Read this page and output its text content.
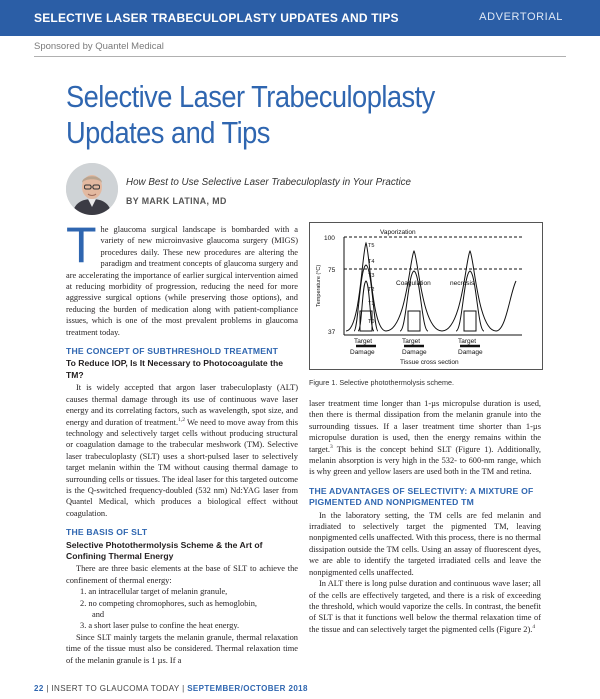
SELECTIVE LASER TRABECULOPLASTY UPDATES AND TIPS	ADVERTORIAL
Sponsored by Quantel Medical
Selective Laser Trabeculoplasty
Updates and Tips
How Best to Use Selective Laser Trabeculoplasty in Your Practice
BY MARK LATINA, MD

The glaucoma surgical landscape is bombarded with a variety of new microinvasive glaucoma surgery (MIGS) procedures daily. These new procedures are altering the paradigm and treatment concepts of glaucoma surgery and are accelerating the importance of earlier surgical intervention aimed at reducing morbidity of progression, reducing the need for more aggressive surgical options (while preserving those options), and reducing the burden of medication along with patient-compliance issues, which is one of the most prevalent problems in glaucoma treatment today.

THE CONCEPT OF SUBTHRESHOLD TREATMENT
To Reduce IOP, Is It Necessary to Photocoagulate the TM?

It is widely accepted that argon laser trabeculoplasty (ALT) causes thermal damage through its use of continuous wave laser energy and its correlating factors, such as wavelength, spot size, and energy and duration of treatment.$^{1,2}$ We need to move away from this technology and selectively target cells without producing structural or coagulation damage to the trabecular meshwork (TM). Selective laser trabeculoplasty (SLT) uses a short-pulsed laser to selectively target melanin within the TM without causing thermal damage to surrounding cells or tissues. The ideal laser for this targeted outcome is the Q-switched frequency-doubled (532 nm) Nd:YAG laser from Quantel Medical, which produces a biological effect without coagulation.

THE BASIS OF SLT
Selective Photothermolysis Scheme & the Art of Confining Thermal Energy

There are three basic elements at the base of SLT to achieve the confinement of thermal energy:

1. an intracellular target of melanin granule,
2. no competing chromophores, such as hemoglobin,
and
3. a short laser pulse to confine the heat energy.

Since SLT mainly targets the melanin granule, thermal relaxation time of the tissue must also be considered. Thermal relaxation time of the melanin granule is 1 µs. If a

Vaporization
Coagulation	necrosis
100
75
37
T5
T4
T3
T2
T1
T0
Target	Target	Target
Damage	Damage	Damage
Tissue cross section
Temperature (°C)
Figure 1. Selective photothermolysis scheme.

laser treatment time longer than 1-µs micropulse duration is used, then there is thermal dissipation from the melanin granule into the surrounding tissues. If a laser treatment time shorter than 1-µs micropulse duration is used, then the energy remains within the target.$^3$ This is the concept behind SLT (Figure 1). Additionally, melanin absorption is very high in the 532- to 600-nm range, which is why green and yellow lasers are used both in the TM and retina.

THE ADVANTAGES OF SELECTIVITY: A MIXTURE OF PIGMENTED AND NONPIGMENTED TM

In the laboratory setting, the TM cells are fed melanin and irradiated to selectively target the pigmented TM, leaving nonpigmented cells unaffected. With this process, there is no thermal dissipation outside the TM cells. Using an assay of fluorescent dyes, we are able to identify the targeted irradiated cells and leave the nonpigmented cells unaffected.

In ALT there is long pulse duration and continuous wave laser; all of the cells are effectively targeted, and there is a risk of exceeding the threshold, which would vaporize the cells. In contrast, the benefit of SLT is that it functions well below the thermal relaxation time of the tissue and can selectively target the pigmented cells (Figure 2).$^4$

22 | INSERT TO GLAUCOMA TODAY | SEPTEMBER/OCTOBER 2018
